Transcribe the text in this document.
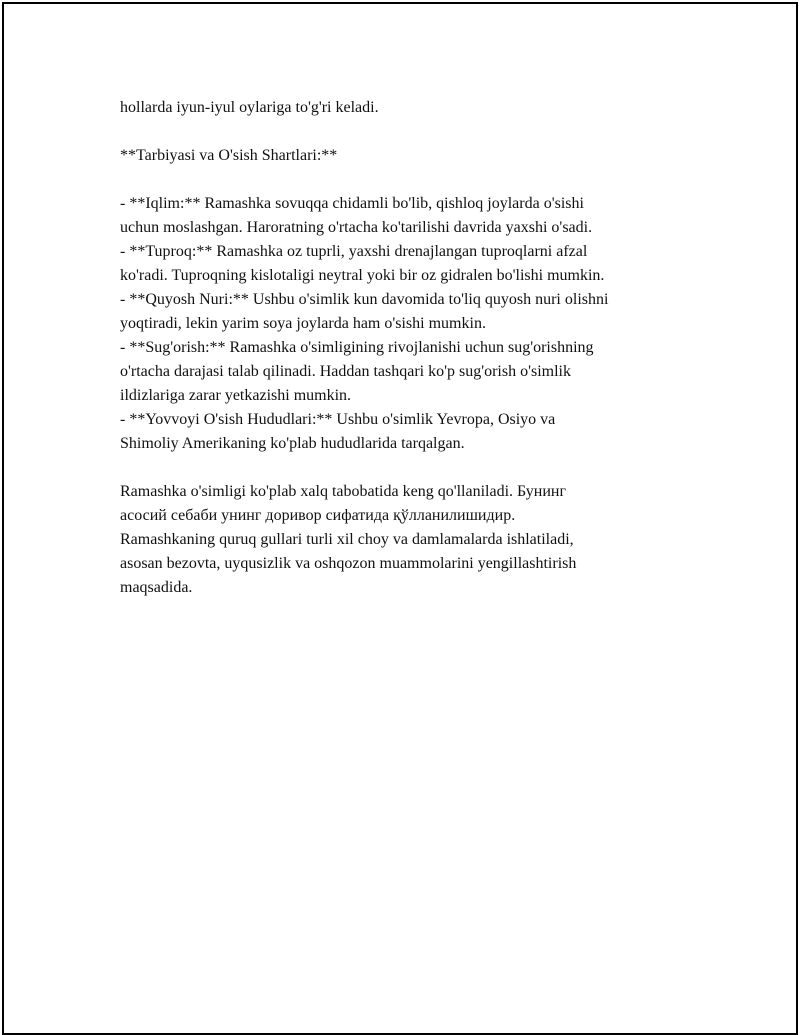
hollarda iyun-iyul oylariga to'g'ri keladi.
**Tarbiyasi va O'sish Shartlari:**
- **Iqlim:** Ramashka sovuqqa chidamli bo'lib, qishloq joylarda o'sishi
uchun moslashgan. Haroratning o'rtacha ko'tarilishi davrida yaxshi o'sadi.
- **Tuproq:** Ramashka oz tuprli, yaxshi drenajlangan tuproqlarni afzal
ko'radi. Tuproqning kislotaligi neytral yoki bir oz gidralen bo'lishi mumkin.
- **Quyosh Nuri:** Ushbu o'simlik kun davomida to'liq quyosh nuri olishni
yoqtiradi, lekin yarim soya joylarda ham o'sishi mumkin.
- **Sug'orish:** Ramashka o'simligining rivojlanishi uchun sug'orishning
o'rtacha darajasi talab qilinadi. Haddan tashqari ko'p sug'orish o'simlik
ildizlariga zarar yetkazishi mumkin.
- **Yovvoyi O'sish Hududlari:** Ushbu o'simlik Yevropa, Osiyo va
Shimoliy Amerikaning ko'plab hududlarida tarqalgan.
Ramashka o'simligi ko'plab xalq tabobatida keng qo'llaniladi. Бунинг
асосий себаби унинг доривор сифатида қўлланилишидир.
Ramashkaning quruq gullari turli xil choy va damlamalarda ishlatiladi,
asosan bezovta, uyqusizlik va oshqozon muammolarini yengillashtirish
maqsadida.
